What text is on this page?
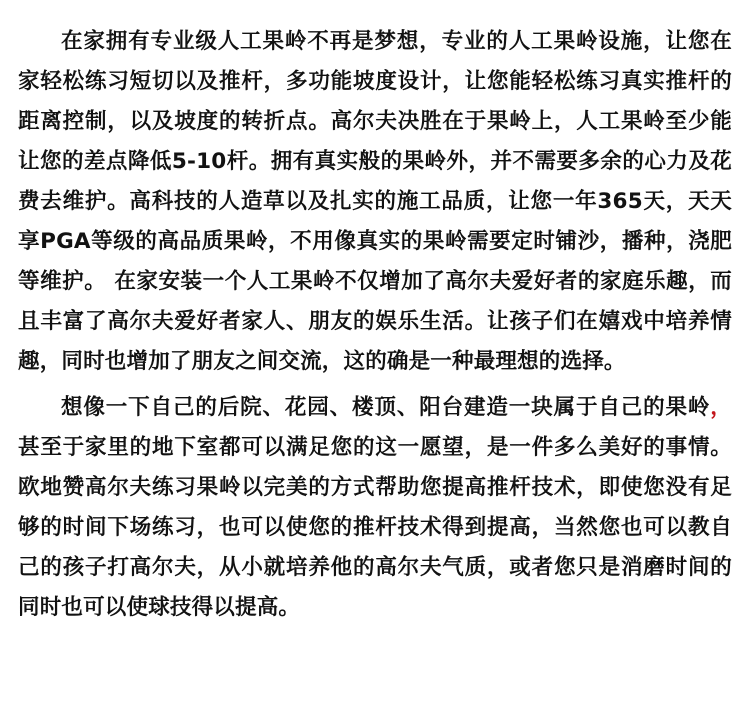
在家拥有专业级人工果岭不再是梦想，专业的人工果岭设施，让您在家轻松练习短切以及推杆，多功能坡度设计，让您能轻松练习真实推杆的距离控制，以及坡度的转折点。高尔夫决胜在于果岭上，人工果岭至少能让您的差点降低5-10杆。拥有真实般的果岭外，并不需要多余的心力及花费去维护。高科技的人造草以及扎实的施工品质，让您一年365天，天天享PGA等级的高品质果岭，不用像真实的果岭需要定时铺沙，播种，浇肥等维护。 在家安装一个人工果岭不仅增加了高尔夫爱好者的家庭乐趣，而且丰富了高尔夫爱好者家人、朋友的娱乐生活。让孩子们在嬉戏中培养情趣，同时也增加了朋友之间交流，这的确是一种最理想的选择。

想像一下自己的后院、花园、楼顶、阳台建造一块属于自己的果岭，甚至于家里的地下室都可以满足您的这一愿望，是一件多么美好的事情。欧地赞高尔夫练习果岭以完美的方式帮助您提高推杆技术，即使您没有足够的时间下场练习，也可以使您的推杆技术得到提高，当然您也可以教自己的孩子打高尔夫，从小就培养他的高尔夫气质，或者您只是消磨时间的同时也可以使球技得以提高。
